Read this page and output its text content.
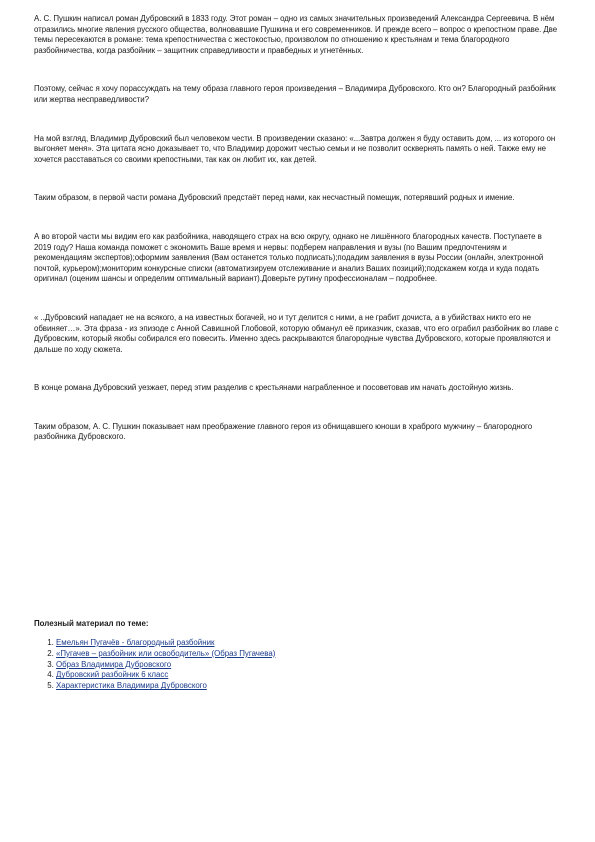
А. С. Пушкин написал роман Дубровский в 1833 году. Этот роман – одно из самых значительных произведений Александра Сергеевича. В нём отразились многие явления русского общества, волновавшие Пушкина и его современников. И прежде всего – вопрос о крепостном праве. Две темы пересекаются в романе: тема крепостничества с жестокостью, произволом по отношению к крестьянам и тема благородного разбойничества, когда разбойник – защитник справедливости и правбедных и угнетённых.

Поэтому, сейчас я хочу порассуждать на тему образа главного героя произведения – Владимира Дубровского. Кто он? Благородный разбойник или жертва несправедливости?

На мой взгляд, Владимир Дубровский был человеком чести. В произведении сказано: «...Завтра должен я буду оставить дом, ... из которого он выгоняет меня». Эта цитата ясно доказывает то, что Владимир дорожит честью семьи и не позволит осквернять память о ней. Также ему не хочется расставаться со своими крепостными, так как он любит их, как детей.

Таким образом, в первой части романа Дубровский предстаёт перед нами, как несчастный помещик, потерявший родных и имение.

А во второй части мы видим его как разбойника, наводящего страх на всю округу, однако не лишённого благородных качеств. Поступаете в 2019 году? Наша команда поможет с экономить Ваше время и нервы: подберем направления и вузы (по Вашим предпочтениям и рекомендациям экспертов);оформим заявления (Вам останется только подписать);подадим заявления в вузы России (онлайн, электронной почтой, курьером);мониторим конкурсные списки (автоматизируем отслеживание и анализ Ваших позиций);подскажем когда и куда подать оригинал (оценим шансы и определим оптимальный вариант).Доверьте рутину профессионалам – подробнее.

« ..Дубровский нападает не на всякого, а на известных богачей, но и тут делится с ними, а не грабит дочиста, а в убийствах никто его не обвиняет…». Эта фраза - из эпизоде с Анной Савишной Глобовой, которую обманул её приказчик, сказав, что его ограбил разбойник во главе с Дубровским, который якобы собирался его повесить. Именно здесь раскрываются благородные чувства Дубровского, которые проявляются и дальше по ходу сюжета.

В конце романа Дубровский уезжает, перед этим разделив с крестьянами награбленное и посоветовав им начать достойную жизнь.

Таким образом, А. С. Пушкин показывает нам преображение главного героя из обнищавшего юноши в храброго мужчину – благородного разбойника Дубровского.

Полезный материал по теме:

1. Емельян Пугачёв - благородный разбойник
2. «Пугачев – разбойник или освободитель» (Образ Пугачева)
3. Образ Владимира Дубровского
4. Дубровский разбойник 6 класс
5. Характеристика Владимира Дубровского
